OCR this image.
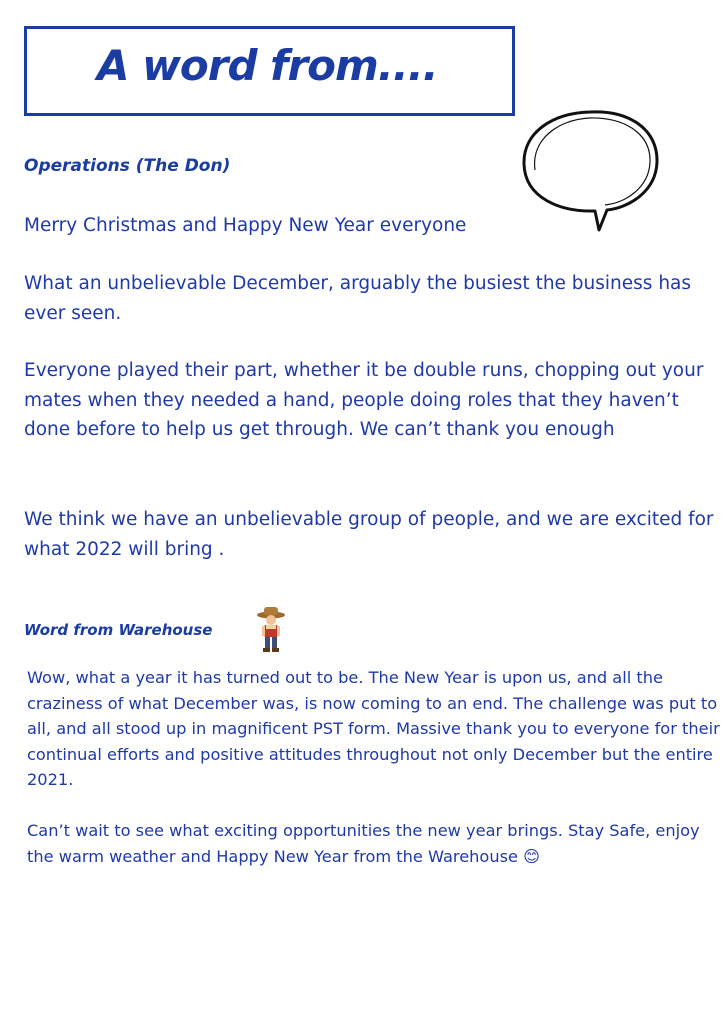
A word from....
Operations (The Don)

Merry Christmas and Happy New Year everyone

What an unbelievable December, arguably the busiest the business has ever seen.

Everyone played their part, whether it be double runs, chopping out your mates when they needed a hand, people doing roles that they haven’t done before to help us get through. We can’t thank you enough

We think we have an unbelievable group of people, and we are excited for what 2022 will bring .

Word from Warehouse

Wow, what a year it has turned out to be. The New Year is upon us, and all the craziness of what December was, is now coming to an end. The challenge was put to all, and all stood up in magnificent PST form. Massive thank you to everyone for their continual efforts and positive attitudes throughout not only December but the entire 2021.

Can’t wait to see what exciting opportunities the new year brings. Stay Safe, enjoy the warm weather and Happy New Year from the Warehouse 😊
